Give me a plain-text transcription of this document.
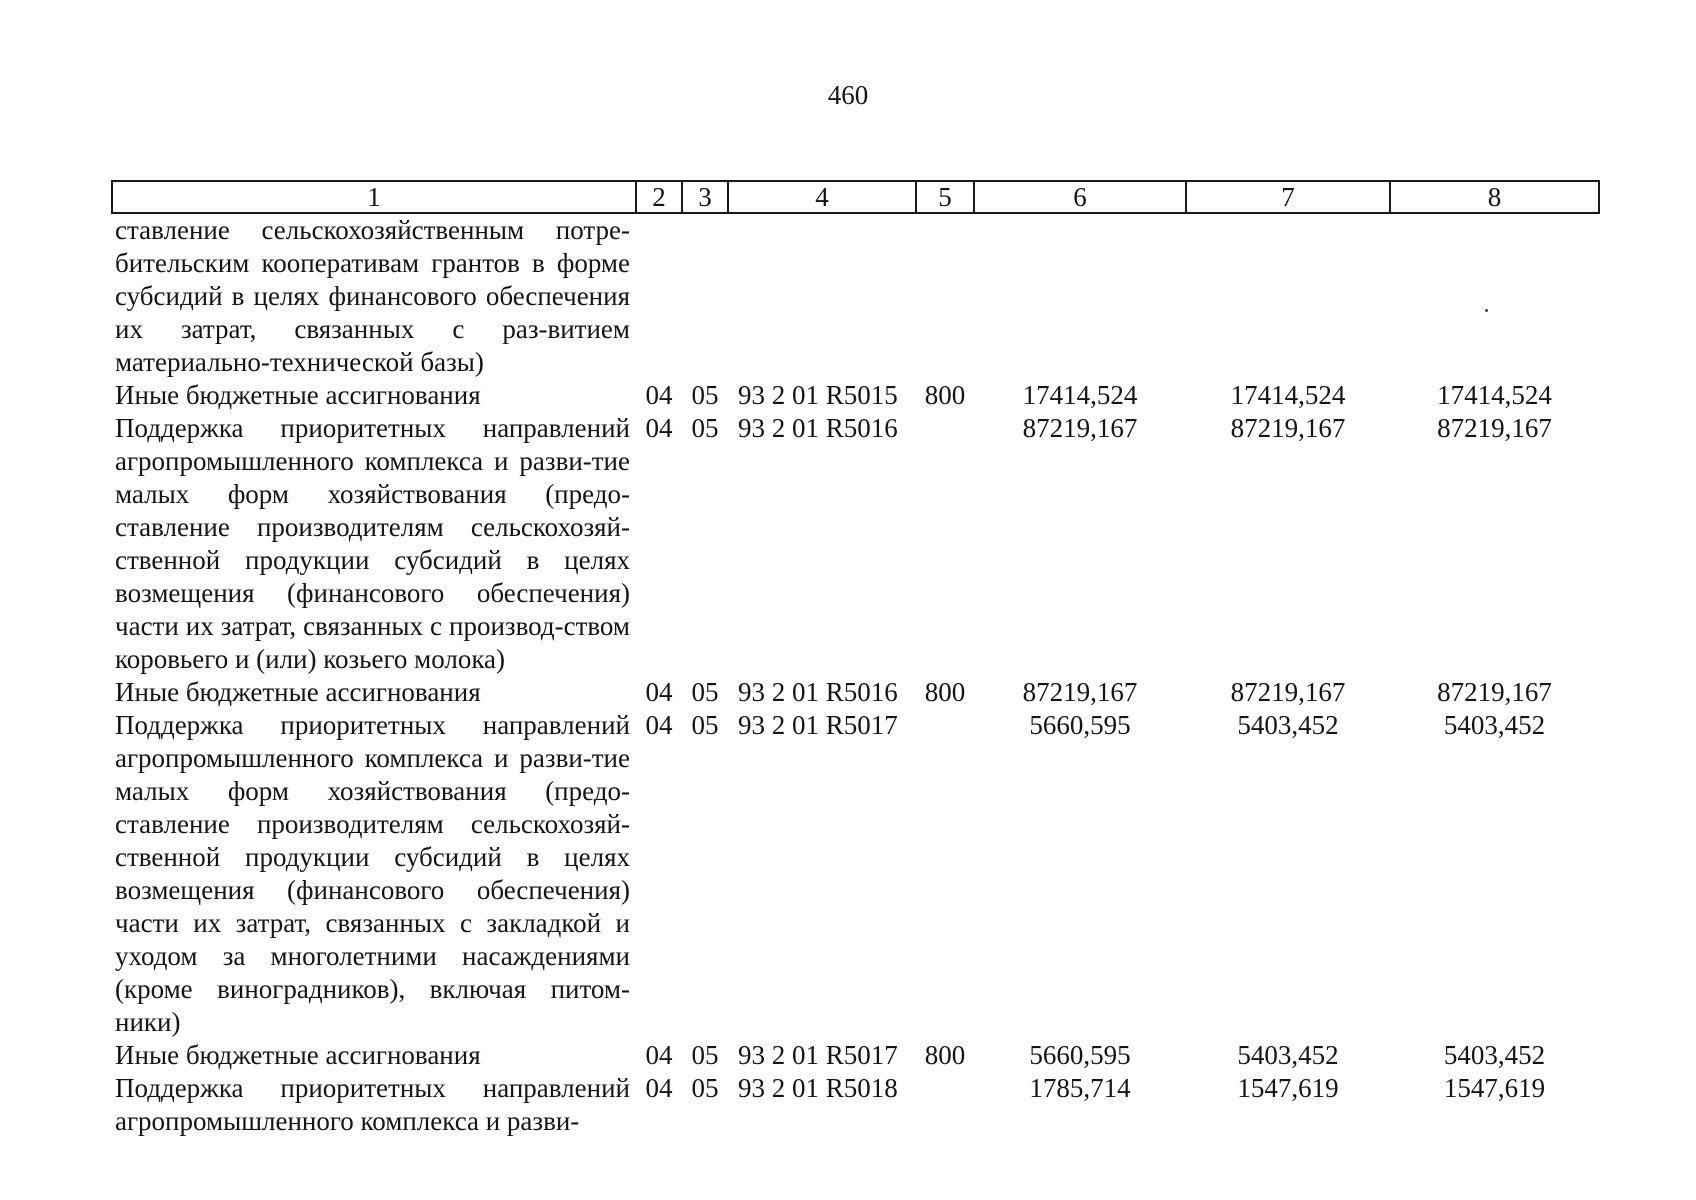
460
1	2	3	4	5	6	7	8
ставление сельскохозяйственным потре-бительским кооперативам грантов в форме субсидий в целях финансового обеспечения их затрат, связанных с раз-витием материально-технической базы)							
Иные бюджетные ассигнования	04	05	93 2 01 R5015	800	17414,524	17414,524	17414,524
Поддержка приоритетных направлений агропромышленного комплекса и разви-тие малых форм хозяйствования (предо-ставление производителям сельскохозяй-ственной продукции субсидий в целях возмещения (финансового обеспечения) части их затрат, связанных с производ-ством коровьего и (или) козьего молока)	04	05	93 2 01 R5016		87219,167	87219,167	87219,167
Иные бюджетные ассигнования	04	05	93 2 01 R5016	800	87219,167	87219,167	87219,167
Поддержка приоритетных направлений агропромышленного комплекса и разви-тие малых форм хозяйствования (предо-ставление производителям сельскохозяй-ственной продукции субсидий в целях возмещения (финансового обеспечения) части их затрат, связанных с закладкой и уходом за многолетними насаждениями (кроме виноградников), включая питом-ники)	04	05	93 2 01 R5017		5660,595	5403,452	5403,452
Иные бюджетные ассигнования	04	05	93 2 01 R5017	800	5660,595	5403,452	5403,452
Поддержка приоритетных направлений агропромышленного комплекса и разви-	04	05	93 2 01 R5018		1785,714	1547,619	1547,619
